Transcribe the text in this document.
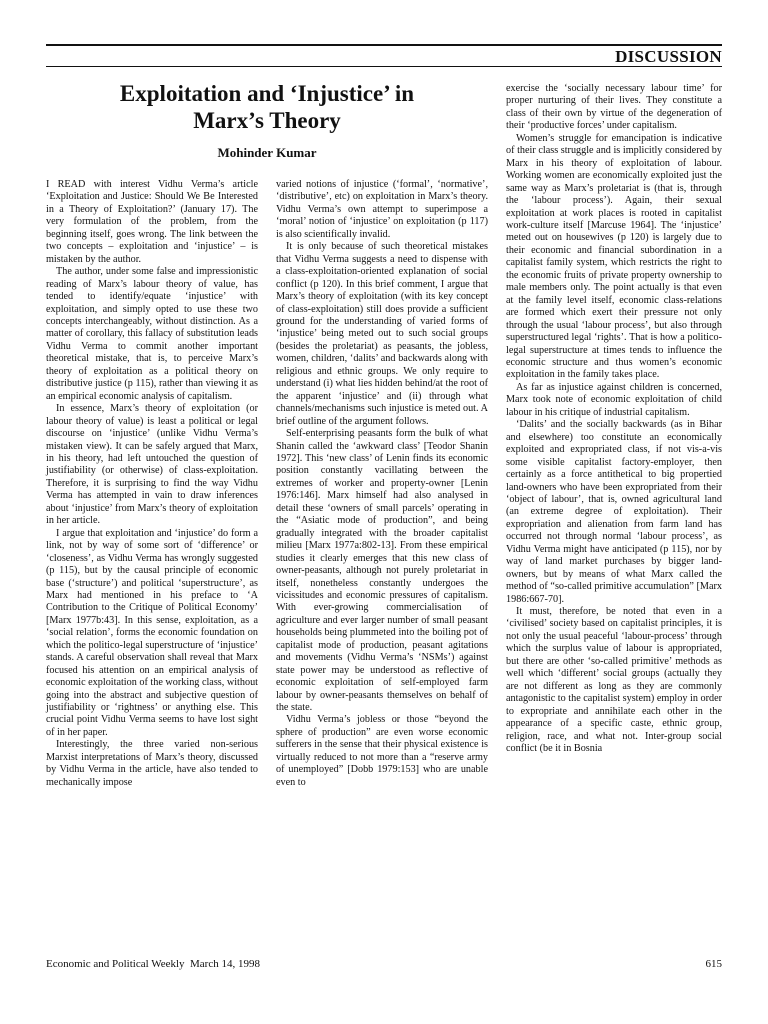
DISCUSSION
Exploitation and ‘Injustice’ in
Marx’s Theory
Mohinder Kumar

I READ with interest Vidhu Verma’s article ‘Exploitation and Justice: Should We Be Interested in a Theory of Exploitation?’ (January 17). The very formulation of the problem, from the beginning itself, goes wrong. The link between the two concepts – exploitation and ‘injustice’ – is mistaken by the author.

The author, under some false and impressionistic reading of Marx’s labour theory of value, has tended to identify/equate ‘injustice’ with exploitation, and simply opted to use these two concepts interchangeably, without distinction. As a matter of corollary, this fallacy of substitution leads Vidhu Verma to commit another important theoretical mistake, that is, to perceive Marx’s theory of exploitation as a political theory on distributive justice (p 115), rather than viewing it as an empirical economic analysis of capitalism.

In essence, Marx’s theory of exploitation (or labour theory of value) is least a political or legal discourse on ‘injustice’ (unlike Vidhu Verma’s mistaken view). It can be safely argued that Marx, in his theory, had left untouched the question of justifiability (or otherwise) of class-exploitation. Therefore, it is surprising to find the way Vidhu Verma has attempted in vain to draw inferences about ‘injustice’ from Marx’s theory of exploitation in her article.

I argue that exploitation and ‘injustice’ do form a link, not by way of some sort of ‘difference’ or ‘closeness’, as Vidhu Verma has wrongly suggested (p 115), but by the causal principle of economic base (‘structure’) and political ‘superstructure’, as Marx had mentioned in his preface to ‘A Contribution to the Critique of Political Economy’ [Marx 1977b:43]. In this sense, exploitation, as a ‘social relation’, forms the economic foundation on which the politico-legal superstructure of ‘injustice’ stands. A careful observation shall reveal that Marx focused his attention on an empirical analysis of economic exploitation of the working class, without going into the abstract and subjective question of justifiability or ‘rightness’ or anything else. This crucial point Vidhu Verma seems to have lost sight of in her paper.

Interestingly, the three varied non-serious Marxist interpretations of Marx’s theory, discussed by Vidhu Verma in the article, have also tended to mechanically impose

varied notions of injustice (‘formal’, ‘normative’, ‘distributive’, etc) on exploitation in Marx’s theory. Vidhu Verma’s own attempt to superimpose a ‘moral’ notion of ‘injustice’ on exploitation (p 117) is also scientifically invalid.

It is only because of such theoretical mistakes that Vidhu Verma suggests a need to dispense with a class-exploitation-oriented explanation of social conflict (p 120). In this brief comment, I argue that Marx’s theory of exploitation (with its key concept of class-exploitation) still does provide a sufficient ground for the understanding of varied forms of ‘injustice’ being meted out to such social groups (besides the proletariat) as peasants, the jobless, women, children, ‘dalits’ and backwards along with religious and ethnic groups. We only require to understand (i) what lies hidden behind/at the root of the apparent ‘injustice’ and (ii) through what channels/mechanisms such injustice is meted out. A brief outline of the argument follows.

Self-enterprising peasants form the bulk of what Shanin called the ‘awkward class’ [Teodor Shanin 1972]. This ‘new class’ of Lenin finds its economic position constantly vacillating between the extremes of worker and property-owner [Lenin 1976:146]. Marx himself had also analysed in detail these ‘owners of small parcels’ operating in the “Asiatic mode of production”, and being gradually integrated with the broader capitalist milieu [Marx 1977a:802-13]. From these empirical studies it clearly emerges that this new class of owner-peasants, although not purely proletariat in itself, nonetheless constantly undergoes the vicissitudes and economic pressures of capitalism. With ever-growing commercialisation of agriculture and ever larger number of small peasant households being plummeted into the boiling pot of capitalist mode of production, peasant agitations and movements (Vidhu Verma’s ‘NSMs’) against state power may be understood as reflective of economic exploitation of self-employed farm labour by owner-peasants themselves on behalf of the state.

Vidhu Verma’s jobless or those “beyond the sphere of production” are even worse economic sufferers in the sense that their physical existence is virtually reduced to not more than a “reserve army of unemployed” [Dobb 1979:153] who are unable even to

exercise the ‘socially necessary labour time’ for proper nurturing of their lives. They constitute a class of their own by virtue of the degeneration of their ‘productive forces’ under capitalism.

Women’s struggle for emancipation is indicative of their class struggle and is implicitly considered by Marx in his theory of exploitation of labour. Working women are economically exploited just the same way as Marx’s proletariat is (that is, through the ‘labour process’). Again, their sexual exploitation at work places is rooted in capitalist work-culture itself [Marcuse 1964]. The ‘injustice’ meted out on housewives (p 120) is largely due to their economic and financial subordination in a capitalist family system, which restricts the right to the economic fruits of private property ownership to male members only. The point actually is that even at the family level itself, economic class-relations are formed which exert their pressure not only through the usual ‘labour process’, but also through superstructured legal ‘rights’. That is how a politico-legal superstructure at times tends to influence the economic structure and thus women’s economic exploitation in the family takes place.

As far as injustice against children is concerned, Marx took note of economic exploitation of child labour in his critique of industrial capitalism.

‘Dalits’ and the socially backwards (as in Bihar and elsewhere) too constitute an economically exploited and expropriated class, if not vis-a-vis some visible capitalist factory-employer, then certainly as a force antithetical to big propertied land-owners who have been expropriated from their ‘object of labour’, that is, owned agricultural land (an extreme degree of exploitation). Their expropriation and alienation from farm land has occurred not through normal ‘labour process’, as Vidhu Verma might have anticipated (p 115), nor by way of land market purchases by bigger land-owners, but by means of what Marx called the method of “so-called primitive accumulation” [Marx 1986:667-70].

It must, therefore, be noted that even in a ‘civilised’ society based on capitalist principles, it is not only the usual peaceful ‘labour-process’ through which the surplus value of labour is appropriated, but there are other ‘so-called primitive’ methods as well which ‘different’ social groups (actually they are not different as long as they are commonly antagonistic to the capitalist system) employ in order to expropriate and annihilate each other in the appearance of a specific caste, ethnic group, religion, race, and what not. Inter-group social conflict (be it in Bosnia

Economic and Political Weekly March 14, 1998	615
